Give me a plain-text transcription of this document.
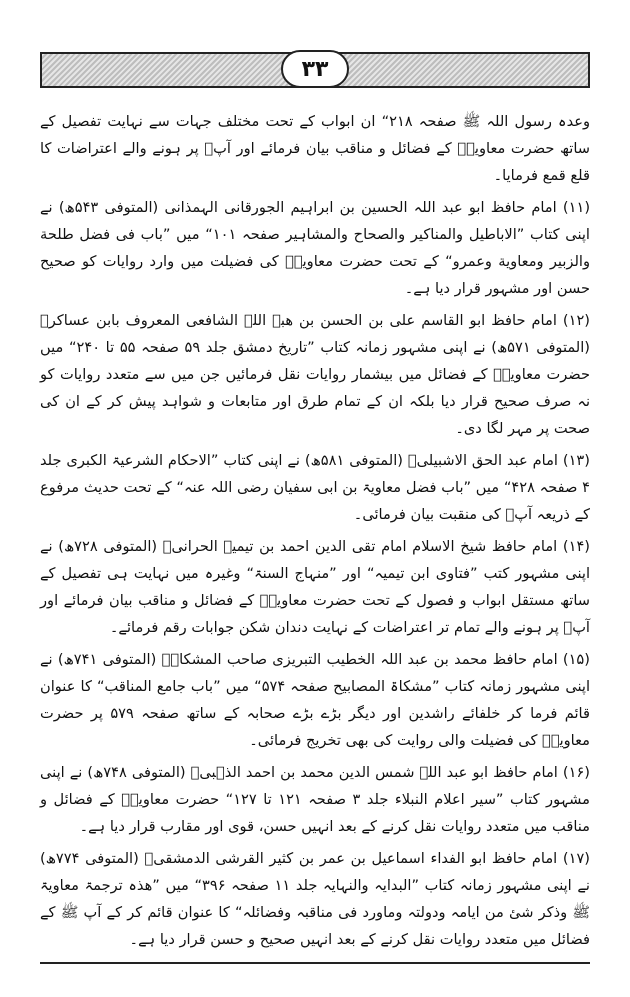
۳۳

وعدہ رسول اللہ ﷺ صفحہ ۲۱۸“ ان ابواب کے تحت مختلف جہات سے نہایت تفصیل کے ساتھ حضرت معاویہؓ کے فضائل و مناقب بیان فرمائے اور آپؓ پر ہونے والے اعتراضات کا قلع قمع فرمایا۔

(۱۱) امام حافظ ابو عبد اللہ الحسین بن ابراہیم الجورقانی الہمذانی (المتوفی ۵۴۳ھ) نے اپنی کتاب ”الاباطیل والمناکیر والصحاح والمشاہیر صفحہ ۱۰۱“ میں ”باب فی فضل طلحة والزبیر ومعاویة وعمرو“ کے تحت حضرت معاویہؓ کی فضیلت میں وارد روایات کو صحیح حسن اور مشہور قرار دیا ہے۔

(۱۲) امام حافظ ابو القاسم علی بن الحسن بن ھبۃ اللہ الشافعی المعروف بابن عساکرؒ (المتوفی ۵۷۱ھ) نے اپنی مشہور زمانہ کتاب ”تاریخ دمشق جلد ۵۹ صفحہ ۵۵ تا ۲۴۰“ میں حضرت معاویہؓ کے فضائل میں بیشمار روایات نقل فرمائیں جن میں سے متعدد روایات کو نہ صرف صحیح قرار دیا بلکہ ان کے تمام طرق اور متابعات و شواہد پیش کر کے ان کی صحت پر مہر لگا دی۔

(۱۳) امام عبد الحق الاشبیلیؒ (المتوفی ۵۸۱ھ) نے اپنی کتاب ”الاحکام الشرعیۃ الکبری جلد ۴ صفحہ ۴۲۸“ میں ”باب فضل معاویۃ بن ابی سفیان رضی اللہ عنہ“ کے تحت حدیث مرفوع کے ذریعہ آپؓ کی منقبت بیان فرمائی۔

(۱۴) امام حافظ شیخ الاسلام امام تقی الدین احمد بن تیمیہ الحرانیؒ (المتوفی ۷۲۸ھ) نے اپنی مشہور کتب ”فتاوی ابن تیمیہ“ اور ”منہاج السنۃ“ وغیرہ میں نہایت ہی تفصیل کے ساتھ مستقل ابواب و فصول کے تحت حضرت معاویہؓ کے فضائل و مناقب بیان فرمائے اور آپؓ پر ہونے والے تمام تر اعتراضات کے نہایت دندان شکن جوابات رقم فرمائے۔

(۱۵) امام حافظ محمد بن عبد اللہ الخطیب التبریزی صاحب المشکاۃؒ (المتوفی ۷۴۱ھ) نے اپنی مشہور زمانہ کتاب ”مشکاۃ المصابیح صفحہ ۵۷۴“ میں ”باب جامع المناقب“ کا عنوان قائم فرما کر خلفائے راشدین اور دیگر بڑے بڑے صحابہ کے ساتھ صفحہ ۵۷۹ پر حضرت معاویہؓ کی فضیلت والی روایت کی بھی تخریج فرمائی۔

(۱۶) امام حافظ ابو عبد اللہ شمس الدین محمد بن احمد الذہبیؒ (المتوفی ۷۴۸ھ) نے اپنی مشہور کتاب ”سیر اعلام النبلاء جلد ۳ صفحہ ۱۲۱ تا ۱۲۷“ حضرت معاویہؓ کے فضائل و مناقب میں متعدد روایات نقل کرنے کے بعد انہیں حسن، قوی اور مقارب قرار دیا ہے۔

(۱۷) امام حافظ ابو الفداء اسماعیل بن عمر بن کثیر القرشی الدمشقیؒ (المتوفی ۷۷۴ھ) نے اپنی مشہور زمانہ کتاب ”البدایہ والنہایہ جلد ۱۱ صفحہ ۳۹۶“ میں ”ھذہ ترجمۃ معاویۃ ﷺ وذکر شیٔ من ایامہ ودولتہ وماورد فی مناقبہ وفضائلہ“ کا عنوان قائم کر کے آپ ﷺ کے فضائل میں متعدد روایات نقل کرنے کے بعد انہیں صحیح و حسن قرار دیا ہے۔
